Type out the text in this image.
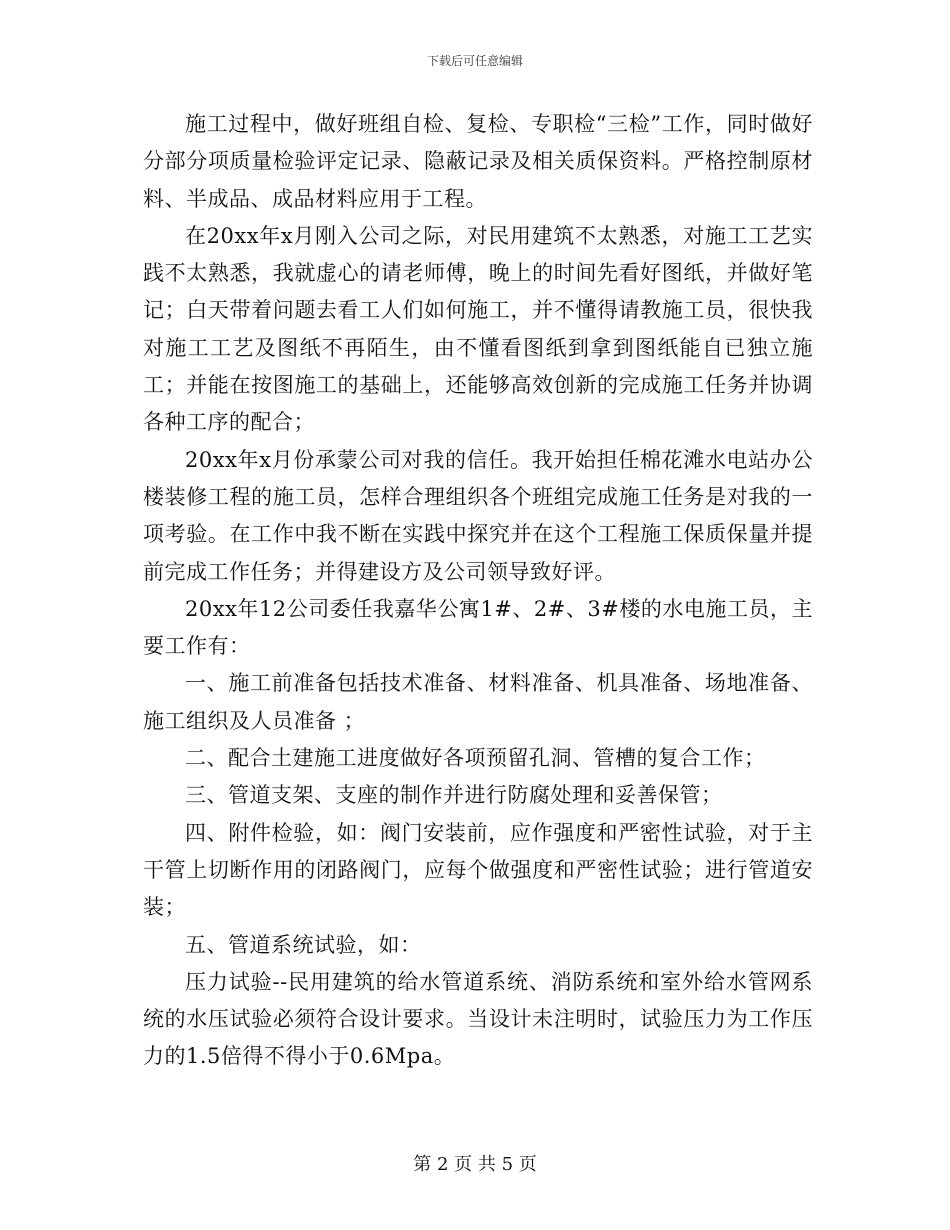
下载后可任意编辑

施工过程中，做好班组自检、复检、专职检“三检”工作，同时做好分部分项质量检验评定记录、隐蔽记录及相关质保资料。严格控制原材料、半成品、成品材料应用于工程。

在20xx年x月刚入公司之际，对民用建筑不太熟悉，对施工工艺实践不太熟悉，我就虚心的请老师傅，晚上的时间先看好图纸，并做好笔记；白天带着问题去看工人们如何施工，并不懂得请教施工员，很快我对施工工艺及图纸不再陌生，由不懂看图纸到拿到图纸能自已独立施工；并能在按图施工的基础上，还能够高效创新的完成施工任务并协调各种工序的配合；

20xx年x月份承蒙公司对我的信任。我开始担任棉花滩水电站办公楼装修工程的施工员，怎样合理组织各个班组完成施工任务是对我的一项考验。在工作中我不断在实践中探究并在这个工程施工保质保量并提前完成工作任务；并得建设方及公司领导致好评。

20xx年12公司委任我嘉华公寓1#、2#、3#楼的水电施工员，主要工作有：

一、施工前准备包括技术准备、材料准备、机具准备、场地准备、施工组织及人员准备 ；

二、配合土建施工进度做好各项预留孔洞、管槽的复合工作；

三、管道支架、支座的制作并进行防腐处理和妥善保管；

四、附件检验，如：阀门安装前，应作强度和严密性试验，对于主干管上切断作用的闭路阀门，应每个做强度和严密性试验；进行管道安装；

五、管道系统试验，如：

压力试验--民用建筑的给水管道系统、消防系统和室外给水管网系统的水压试验必须符合设计要求。当设计未注明时，试验压力为工作压力的1.5倍得不得小于0.6Mpa。

第 2 页 共 5 页
